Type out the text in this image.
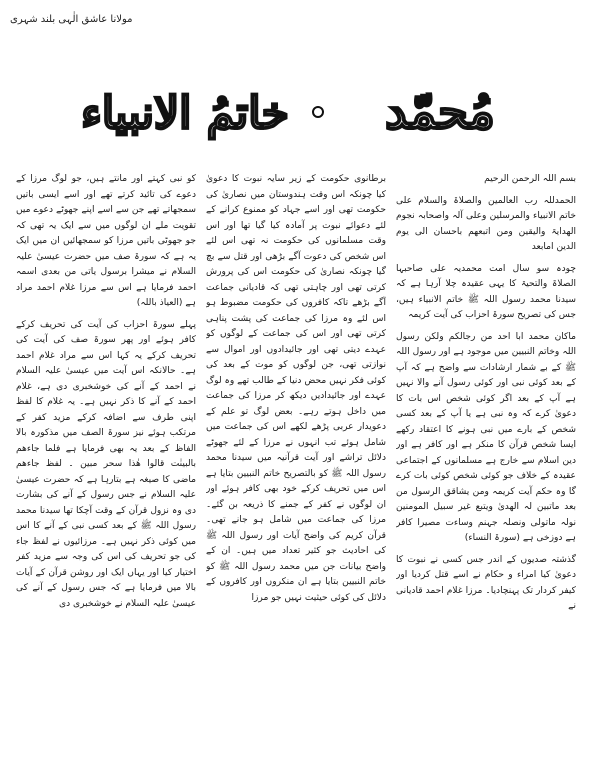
مولانا عاشق الٰہی بلند شہری
خاتمُ الانبیاء مُحمّد

بسم اللہ الرحمن الرحیم

الحمدللہ رب العالمین والصلاۃ والسلام علی خاتم الانبیاء والمرسلین وعلی آلہ واصحابہ نجوم الھدایۃ والیقین ومن اتبعھم باحسان الی یوم الدین امابعد

چودہ سو سال امت محمدیہ علی صاحبہا الصلاۃ والتحیۃ کا یہی عقیدہ چلا آرہا ہے کہ سیدنا محمد رسول اللہ ﷺ خاتم الانبیاء ہیں، جس کی تصریح سورۃ احزاب کی آیت کریمہ

ماکان محمد ابا احد من رجالکم ولکن رسول اللہ وخاتم النبیین میں موجود ہے اور رسول اللہ ﷺ کے بے شمار ارشادات سے واضح ہے کہ آپ کے بعد کوئی نبی اور کوئی رسول آنے والا نہیں ہے آپ کے بعد اگر کوئی شخص اس بات کا دعویٰ کرے کہ وہ نبی ہے یا آپ کے بعد کسی شخص کے بارے میں نبی ہونے کا اعتقاد رکھے ایسا شخص قرآن کا منکر ہے اور کافر ہے اور دین اسلام سے خارج ہے مسلمانوں کے اجتماعی عقیدہ کے خلاف جو کوئی شخص کوئی بات کرے گا وہ حکم آیت کریمہ ومن یشاقق الرسول من بعد ماتبین لہ الھدیٰ ویتبع غیر سبیل المومنین نولہ ماتولی ونصلہ جہنم وساءت مصیرا کافر ہے دوزخی ہے (سورۃ النساء)

گذشتہ صدیوں کے اندر جس کسی نے نبوت کا دعویٰ کیا امراء و حکام نے اسے قتل کردیا اور کیفر کردار تک پہنچادیا۔ مرزا غلام احمد قادیانی نے

برطانوی حکومت کے زیر سایہ نبوت کا دعویٰ کیا چونکہ اس وقت ہندوستان میں نصاریٰ کی حکومت تھی اور اسے جہاد کو ممنوع کرانے کے لئے دعوائے نبوت پر آمادہ کیا گیا تھا اور اس وقت مسلمانوں کی حکومت نہ تھی اس لئے اس شخص کی دعوت آگے بڑھی اور قتل سے بچ گیا چونکہ نصاریٰ کی حکومت اس کی پرورش کرتی تھی اور چاہتی تھی کہ قادیانی جماعت آگے بڑھے تاکہ کافروں کی حکومت مضبوط ہو اس لئے وہ مرزا کی جماعت کی پشت پناہی کرتی تھی اور اس کی جماعت کے لوگوں کو عہدے دیتی تھی اور جائیدادوں اور اموال سے نوازتی تھی، جن لوگوں کو موت کے بعد کی کوئی فکر نہیں محض دنیا کے طالب تھے وہ لوگ عہدے اور جائیدادیں دیکھ کر مرزا کی جماعت میں داخل ہوتے رہے۔ بعض لوگ تو علم کے دعویدار عربی پڑھے لکھے اس کی جماعت میں شامل ہوئے تب انہوں نے مرزا کے لئے جھوٹے دلائل تراشے اور آیت قرآنیہ میں سیدنا محمد رسول اللہ ﷺ کو بالتصریح خاتم النبیین بتایا ہے اس میں تحریف کرکے خود بھی کافر ہوئے اور ان لوگوں نے کفر کے جمنے کا ذریعہ بن گئے۔ مرزا کی جماعت میں شامل ہو جانے تھی۔ قرآن کریم کی واضح آیات اور رسول اللہ ﷺ کی احادیث جو کثیر تعداد میں ہیں۔ ان کے واضح بیانات جن میں محمد رسول اللہ ﷺ کو خاتم النبیین بتایا ہے ان منکروں اور کافروں کے دلائل کی کوئی حیثیت نہیں جو مرزا

کو نبی کہتے اور مانتے ہیں، جو لوگ مرزا کے دعوے کی تائید کرتے تھے اور اسے ایسی باتیں سمجھاتے تھے جن سے اسے اپنے جھوٹے دعوے میں تقویت ملے ان لوگوں میں سے ایک یہ تھی کہ جو جھوٹی باتیں مرزا کو سمجھائیں ان میں ایک یہ ہے کہ سورۃ صف میں حضرت عیسیٰ علیہ السلام نے میشرا برسول یاتی من بعدی اسمہ احمد فرمایا ہے اس سے مرزا غلام احمد مراد ہے (العیاذ باللہ)

پہلے سورۃ احزاب کی آیت کی تحریف کرکے کافر ہوئے اور پھر سورۃ صف کی آیت کی تحریف کرکے یہ کہا اس سے مراد غلام احمد ہے۔ حالانکہ اس آیت میں عیسیٰ علیہ السلام نے احمد کے آنے کی خوشخبری دی ہے، غلام احمد کے آنے کا ذکر نہیں ہے۔ یہ غلام کا لفظ اپنی طرف سے اضافہ کرکے مزید کفر کے مرتکب ہوئے نیز سورۃ الصف میں مذکورہ بالا الفاظ کے بعد یہ بھی فرمایا ہے فلما جاءھم بالبینٰت قالوا ھٰذا سحر مبین ۔ لفظ جاءھم ماضی کا صیغہ ہے بتارہا ہے کہ حضرت عیسیٰ علیہ السلام نے جس رسول کے آنے کی بشارت دی وہ نزول قرآن کے وقت آچکا تھا سیدنا محمد رسول اللہ ﷺ کے بعد کسی نبی کے آنے کا اس میں کوئی ذکر نہیں ہے۔ مرزائیوں نے لفظ جاء کی جو تحریف کی اس کی وجہ سے مزید کفر اختیار کیا اور یہاں ایک اور روشن قرآن کے آیات بالا میں فرمایا ہے کہ جس رسول کے آنے کی عیسیٰ علیہ السلام نے خوشخبری دی
